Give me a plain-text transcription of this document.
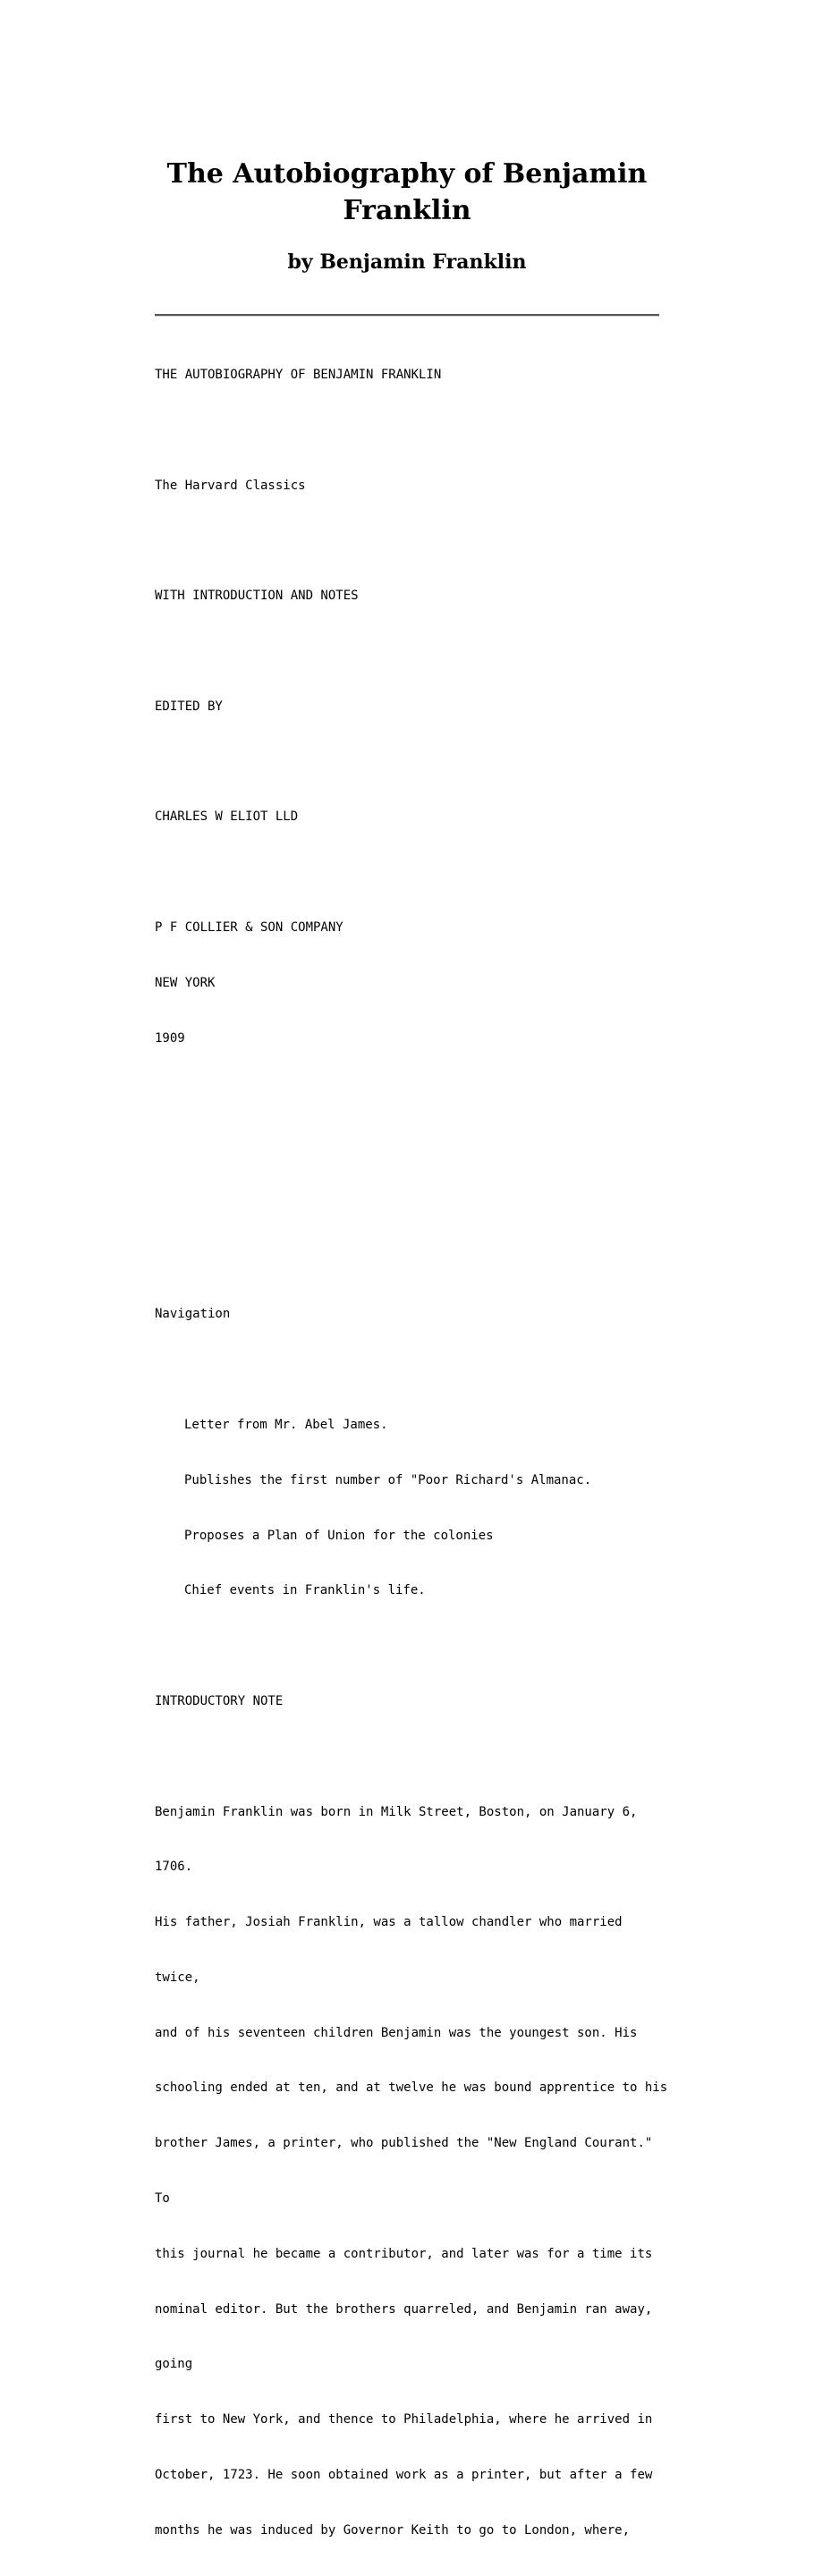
The Autobiography of Benjamin Franklin
by Benjamin Franklin

THE AUTOBIOGRAPHY OF BENJAMIN FRANKLIN

The Harvard Classics

WITH INTRODUCTION AND NOTES

EDITED BY

CHARLES W ELIOT LLD

P F COLLIER & SON COMPANY

NEW YORK

1909

Navigation

Letter from Mr. Abel James.

Publishes the first number of "Poor Richard's Almanac.

Proposes a Plan of Union for the colonies

Chief events in Franklin's life.

INTRODUCTORY NOTE

Benjamin Franklin was born in Milk Street, Boston, on January 6,

1706.

His father, Josiah Franklin, was a tallow chandler who married

twice,

and of his seventeen children Benjamin was the youngest son. His

schooling ended at ten, and at twelve he was bound apprentice to his

brother James, a printer, who published the "New England Courant."

To

this journal he became a contributor, and later was for a time its

nominal editor. But the brothers quarreled, and Benjamin ran away,

going

first to New York, and thence to Philadelphia, where he arrived in

October, 1723. He soon obtained work as a printer, but after a few

months he was induced by Governor Keith to go to London, where,
